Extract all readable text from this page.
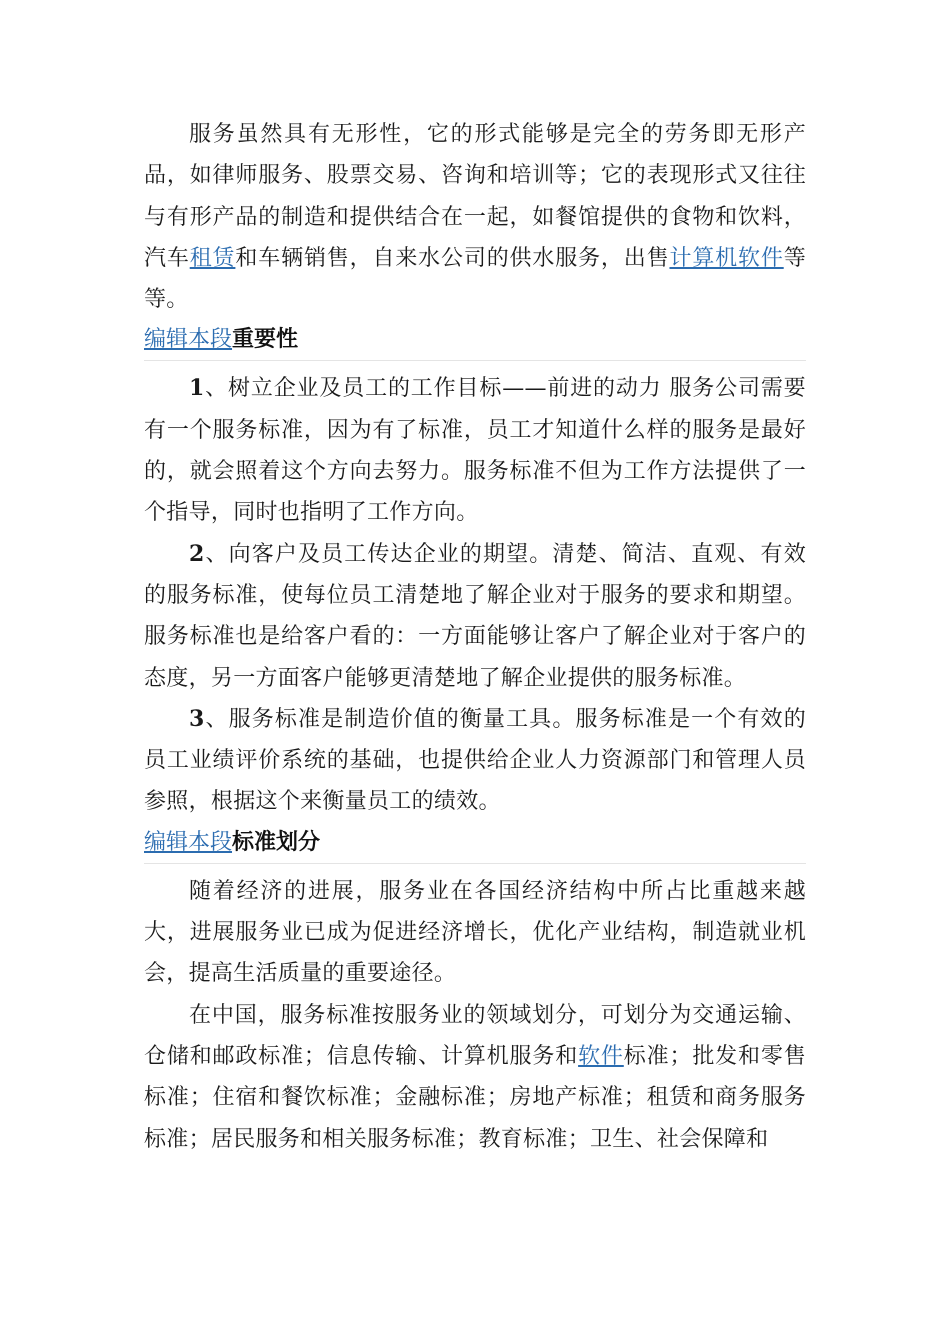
服务虽然具有无形性，它的形式能够是完全的劳务即无形产品，如律师服务、股票交易、咨询和培训等；它的表现形式又往往与有形产品的制造和提供结合在一起，如餐馆提供的食物和饮料，汽车租赁和车辆销售，自来水公司的供水服务，出售计算机软件等等。

编辑本段重要性

1、树立企业及员工的工作目标——前进的动力 服务公司需要有一个服务标准，因为有了标准，员工才知道什么样的服务是最好的，就会照着这个方向去努力。服务标准不但为工作方法提供了一个指导，同时也指明了工作方向。

2、向客户及员工传达企业的期望。清楚、简洁、直观、有效的服务标准，使每位员工清楚地了解企业对于服务的要求和期望。服务标准也是给客户看的：一方面能够让客户了解企业对于客户的态度，另一方面客户能够更清楚地了解企业提供的服务标准。

3、服务标准是制造价值的衡量工具。服务标准是一个有效的员工业绩评价系统的基础，也提供给企业人力资源部门和管理人员参照，根据这个来衡量员工的绩效。

编辑本段标准划分

随着经济的进展，服务业在各国经济结构中所占比重越来越大，进展服务业已成为促进经济增长，优化产业结构，制造就业机会，提高生活质量的重要途径。

在中国，服务标准按服务业的领域划分，可划分为交通运输、仓储和邮政标准；信息传输、计算机服务和软件标准；批发和零售标准；住宿和餐饮标准；金融标准；房地产标准；租赁和商务服务标准；居民服务和相关服务标准；教育标准；卫生、社会保障和
